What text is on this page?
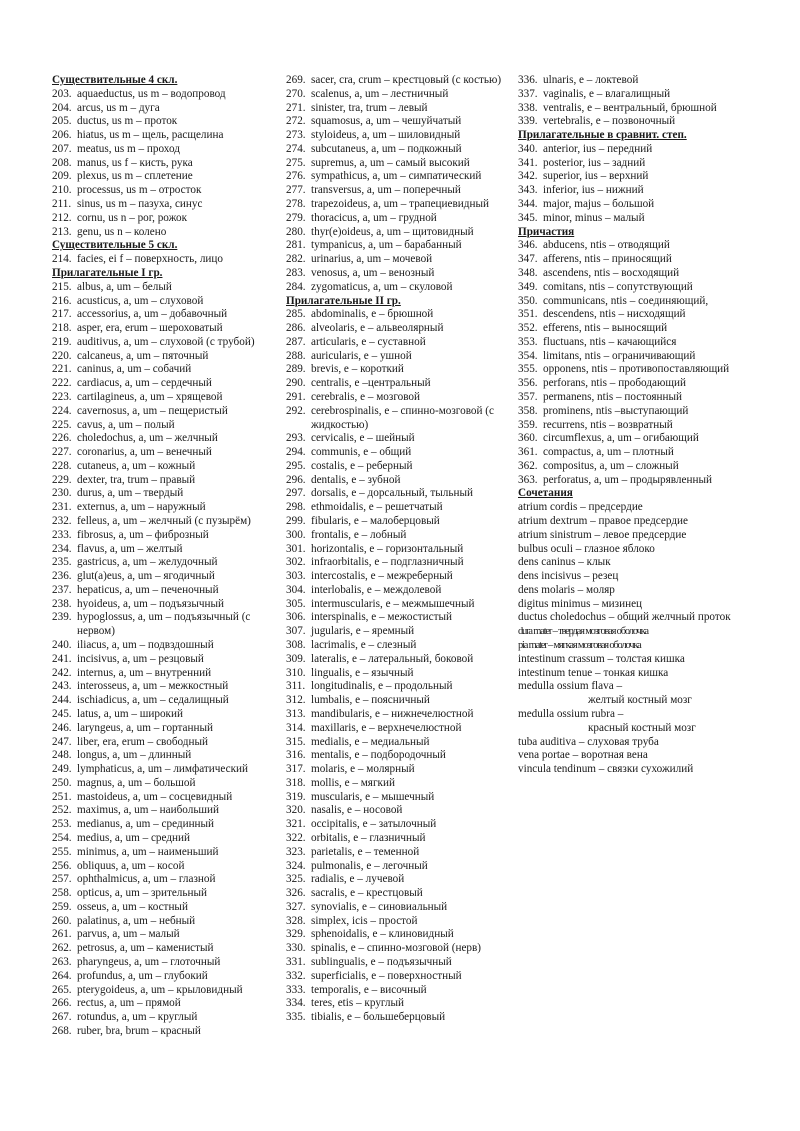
Существительные 4 скл.
203. aquaeductus, us m – водопровод
204. arcus, us m – дуга
205. ductus, us m – проток
206. hiatus, us m – щель, расщелина
207. meatus, us m – проход
208. manus, us f – кисть, рука
209. plexus, us m – сплетение
210. processus, us m – отросток
211. sinus, us m – пазуха, синус
212. cornu, us n – рог, рожок
213. genu, us n – колено
Существительные 5 скл.
214. facies, ei f – поверхность, лицо
Прилагательные I гр.
215. albus, a, um – белый
216. acusticus, a, um – слуховой
217. accessorius, a, um – добавочный
218. asper, era, erum – шероховатый
219. auditivus, a, um – слуховой (с трубой)
220. calcaneus, a, um – пяточный
221. caninus, a, um – собачий
222. cardiacus, a, um – сердечный
223. cartilagineus, a, um – хрящевой
224. cavernosus, a, um – пещеристый
225. cavus, a, um – полый
226. choledochus, a, um – желчный
227. coronarius, a, um – венечный
228. cutaneus, a, um – кожный
229. dexter, tra, trum – правый
230. durus, a, um – твердый
231. externus, a, um – наружный
232. felleus, a, um – желчный (с пузырём)
233. fibrosus, a, um – фиброзный
234. flavus, a, um – желтый
235. gastricus, a, um – желудочный
236. glut(a)eus, a, um – ягодичный
237. hepaticus, a, um – печеночный
238. hyoideus, a, um – подъязычный
239. hypoglossus, a, um – подъязычный (с нервом)
240. iliacus, a, um – подвздошный
241. incisivus, a, um – резцовый
242. internus, a, um – внутренний
243. interosseus, a, um – межкостный
244. ischiadicus, a, um – седалищный
245. latus, a, um – широкий
246. laryngeus, a, um – гортанный
247. liber, era, erum – свободный
248. longus, a, um – длинный
249. lymphaticus, a, um – лимфатический
250. magnus, a, um – большой
251. mastoideus, a, um – сосцевидный
252. maximus, a, um – наибольший
253. medianus, a, um – срединный
254. medius, a, um – средний
255. minimus, a, um – наименьший
256. obliquus, a, um – косой
257. ophthalmicus, a, um – глазной
258. opticus, a, um – зрительный
259. osseus, a, um – костный
260. palatinus, a, um – небный
261. parvus, a, um – малый
262. petrosus, a, um – каменистый
263. pharyngeus, a, um – глоточный
264. profundus, a, um – глубокий
265. pterygoideus, a, um – крыловидный
266. rectus, a, um – прямой
267. rotundus, a, um – круглый
268. ruber, bra, brum – красный
269. sacer, cra, crum – крестцовый (с костью)
270. scalenus, a, um – лестничный
271. sinister, tra, trum – левый
272. squamosus, a, um – чешуйчатый
273. styloideus, a, um – шиловидный
274. subcutaneus, a, um – подкожный
275. supremus, a, um – самый высокий
276. sympathicus, a, um – симпатический
277. transversus, a, um – поперечный
278. trapezoideus, a, um – трапециевидный
279. thoracicus, a, um – грудной
280. thyr(e)oideus, a, um – щитовидный
281. tympanicus, a, um – барабанный
282. urinarius, a, um – мочевой
283. venosus, a, um – венозный
284. zygomaticus, a, um – скуловой
Прилагательные II гр.
285. abdominalis, e – брюшной
286. alveolaris, e – альвеолярный
287. articularis, e – суставной
288. auricularis, e – ушной
289. brevis, e – короткий
290. centralis, e –центральный
291. cerebralis, e – мозговой
292. cerebrospinalis, e – спинно-мозговой (с жидкостью)
293. cervicalis, e – шейный
294. communis, e – общий
295. costalis, e – реберный
296. dentalis, e – зубной
297. dorsalis, e – дорсальный, тыльный
298. ethmoidalis, e – решетчатый
299. fibularis, e – малоберцовый
300. frontalis, e – лобный
301. horizontalis, e – горизонтальный
302. infraorbitalis, e – подглазничный
303. intercostalis, e – межреберный
304. interlobalis, e – междолевой
305. intermuscularis, e – межмышечный
306. interspinalis, e – межостистый
307. jugularis, e – яремный
308. lacrimalis, e – слезный
309. lateralis, e – латеральный, боковой
310. lingualis, e – язычный
311. longitudinalis, e – продольный
312. lumbalis, e – поясничный
313. mandibularis, e – нижнечелюстной
314. maxillaris, e – верхнечелюстной
315. medialis, e – медиальный
316. mentalis, e – подбородочный
317. molaris, e – молярный
318. mollis, e – мягкий
319. muscularis, e – мышечный
320. nasalis, e – носовой
321. occipitalis, e – затылочный
322. orbitalis, e – глазничный
323. parietalis, e – теменной
324. pulmonalis, e – легочный
325. radialis, e – лучевой
326. sacralis, e – крестцовый
327. synovialis, e – синовиальный
328. simplex, icis – простой
329. sphenoidalis, e – клиновидный
330. spinalis, e – спинно-мозговой (нерв)
331. sublingualis, e – подъязычный
332. superficialis, e – поверхностный
333. temporalis, e – височный
334. teres, etis – круглый
335. tibialis, e – большеберцовый
336. ulnaris, e – локтевой
337. vaginalis, e – влагалищный
338. ventralis, e – вентральный, брюшной
339. vertebralis, e – позвоночный
Прилагательные в сравнит. степ.
340. anterior, ius – передний
341. posterior, ius – задний
342. superior, ius – верхний
343. inferior, ius – нижний
344. major, majus – большой
345. minor, minus – малый
Причастия
346. abducens, ntis – отводящий
347. afferens, ntis – приносящий
348. ascendens, ntis – восходящий
349. comitans, ntis – сопутствующий
350. communicans, ntis – соединяющий,
351. descendens, ntis – нисходящий
352. efferens, ntis – выносящий
353. fluctuans, ntis – качающийся
354. limitans, ntis – ограничивающий
355. opponens, ntis – противопоставляющий
356. perforans, ntis – прободающий
357. permanens, ntis – постоянный
358. prominens, ntis –выступающий
359. recurrens, ntis – возвратный
360. circumflexus, a, um – огибающий
361. compactus, a, um – плотный
362. compositus, a, um – сложный
363. perforatus, a, um – продырявленный
Сочетания
atrium cordis – предсердие
atrium dextrum – правое предсердие
atrium sinistrum – левое предсердие
bulbus oculi – глазное яблоко
dens caninus – клык
dens incisivus – резец
dens molaris – моляр
digitus minimus – мизинец
ductus choledochus – общий желчный проток
dura mater – твердая мозговая оболочка
pia mater – мягкая мозговая оболочка
intestinum crassum – толстая кишка
intestinum tenue – тонкая кишка
medulla ossium flava –
желтый костный мозг
medulla ossium rubra –
красный костный мозг
tuba auditiva – слуховая труба
vena portae – воротная вена
vincula tendinum – связки сухожилий
